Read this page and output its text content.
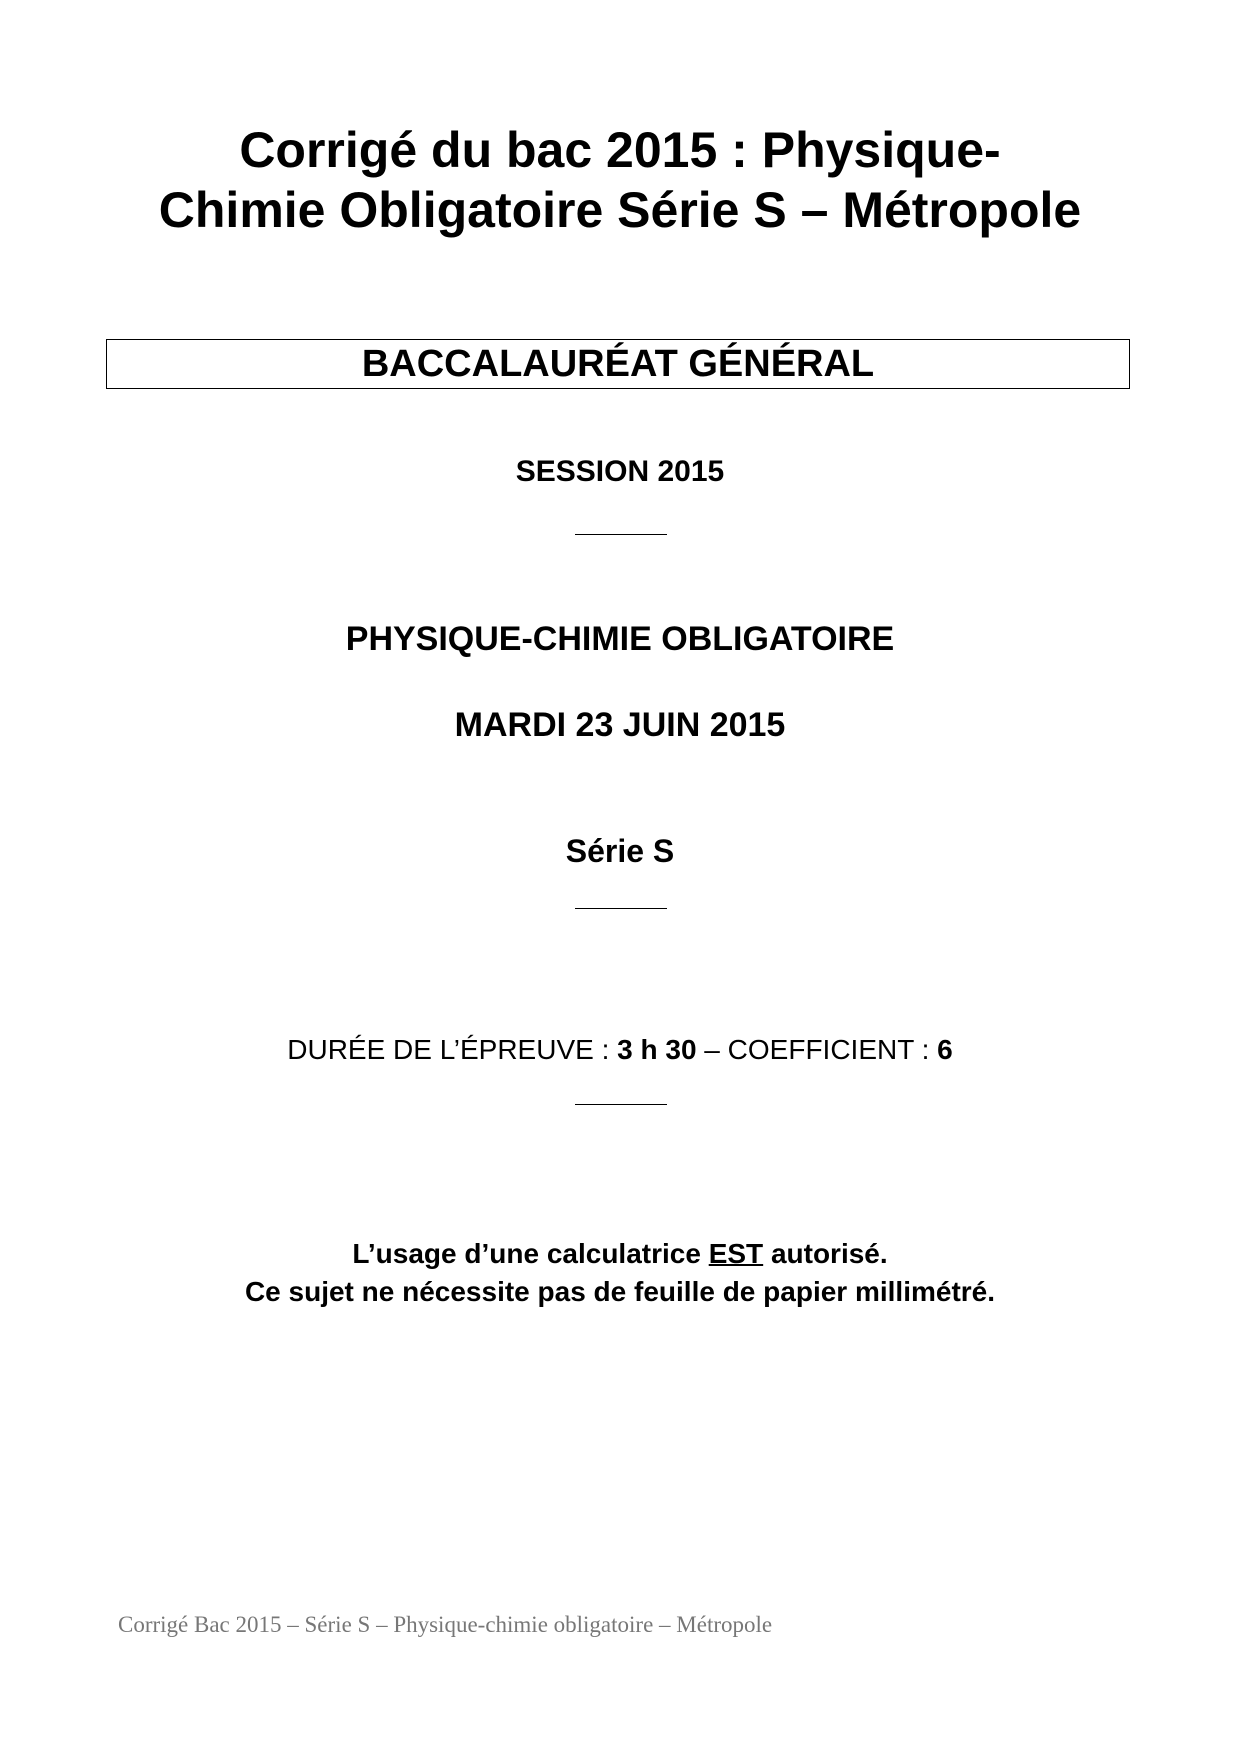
Corrigé du bac 2015 : Physique-
Chimie Obligatoire Série S – Métropole
BACCALAURÉAT GÉNÉRAL
SESSION 2015
PHYSIQUE-CHIMIE OBLIGATOIRE
MARDI 23 JUIN 2015
Série S
DURÉE DE L’ÉPREUVE : 3 h 30 – COEFFICIENT : 6
L’usage d’une calculatrice EST autorisé.
Ce sujet ne nécessite pas de feuille de papier millimétré.
Corrigé Bac 2015 – Série S – Physique-chimie obligatoire – Métropole
